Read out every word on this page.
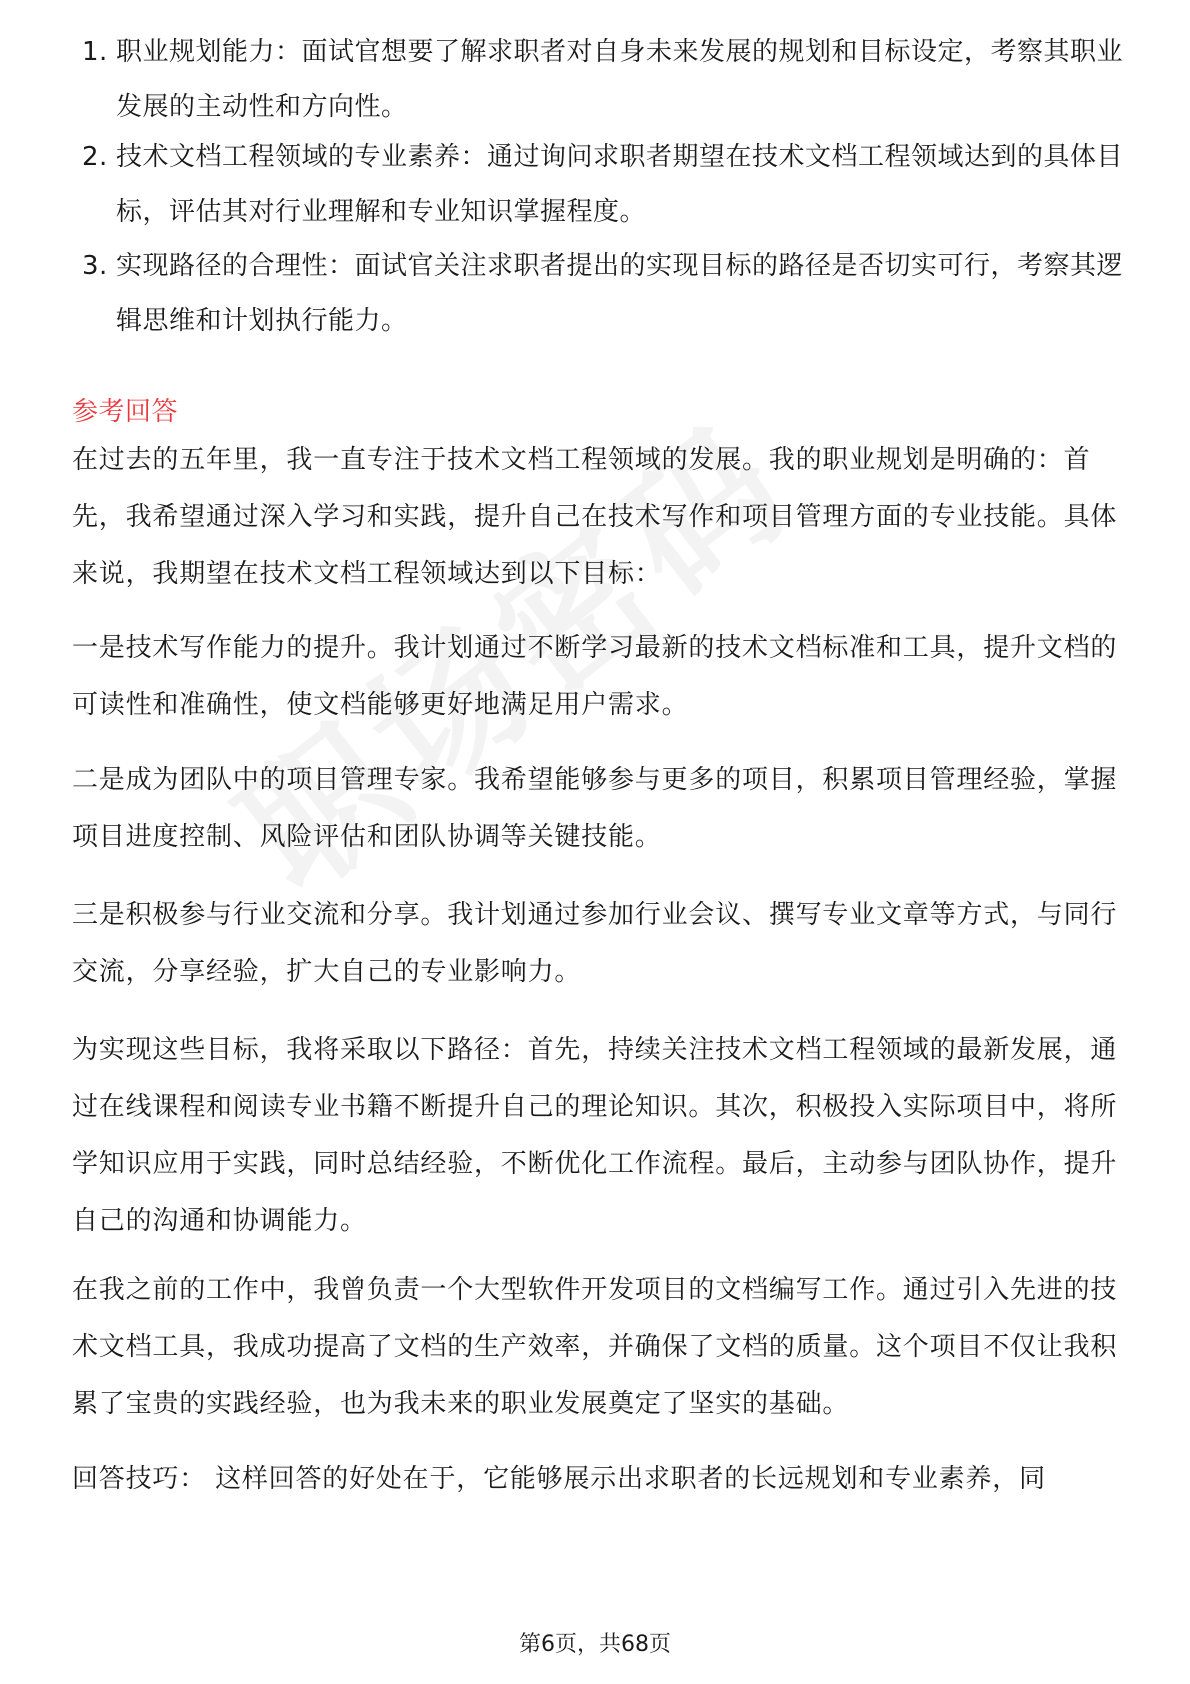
1. 职业规划能力：面试官想要了解求职者对自身未来发展的规划和目标设定，考察其职业发展的主动性和方向性。
2. 技术文档工程领域的专业素养：通过询问求职者期望在技术文档工程领域达到的具体目标，评估其对行业理解和专业知识掌握程度。
3. 实现路径的合理性：面试官关注求职者提出的实现目标的路径是否切实可行，考察其逻辑思维和计划执行能力。
参考回答

在过去的五年里，我一直专注于技术文档工程领域的发展。我的职业规划是明确的：首先，我希望通过深入学习和实践，提升自己在技术写作和项目管理方面的专业技能。具体来说，我期望在技术文档工程领域达到以下目标：

一是技术写作能力的提升。我计划通过不断学习最新的技术文档标准和工具，提升文档的可读性和准确性，使文档能够更好地满足用户需求。

二是成为团队中的项目管理专家。我希望能够参与更多的项目，积累项目管理经验，掌握项目进度控制、风险评估和团队协调等关键技能。

三是积极参与行业交流和分享。我计划通过参加行业会议、撰写专业文章等方式，与同行交流，分享经验，扩大自己的专业影响力。

为实现这些目标，我将采取以下路径：首先，持续关注技术文档工程领域的最新发展，通过在线课程和阅读专业书籍不断提升自己的理论知识。其次，积极投入实际项目中，将所学知识应用于实践，同时总结经验，不断优化工作流程。最后，主动参与团队协作，提升自己的沟通和协调能力。

在我之前的工作中，我曾负责一个大型软件开发项目的文档编写工作。通过引入先进的技术文档工具，我成功提高了文档的生产效率，并确保了文档的质量。这个项目不仅让我积累了宝贵的实践经验，也为我未来的职业发展奠定了坚实的基础。

回答技巧： 这样回答的好处在于，它能够展示出求职者的长远规划和专业素养，同

第6页，共68页
